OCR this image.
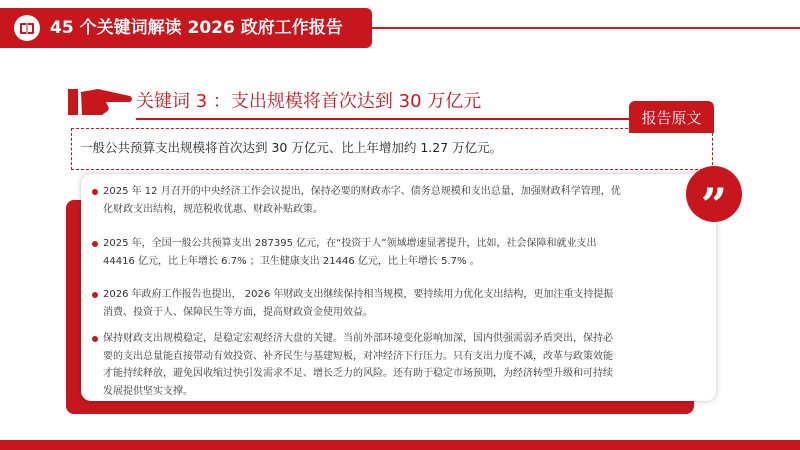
45 个关键词解读 2026 政府工作报告
关键词 3 ：支出规模将首次达到 30 万亿元
报告原文
一般公共预算支出规模将首次达到 30 万亿元、比上年增加约 1.27 万亿元。
”
2025 年 12 月召开的中央经济工作会议提出，保持必要的财政赤字、债务总规模和支出总量，加强财政科学管理，优
化财政支出结构，规范税收优惠、财政补贴政策。
2025 年，全国一般公共预算支出 287395 亿元，在“投资于人”领域增速显著提升，比如，社会保障和就业支出
44416 亿元，比上年增长 6.7% ；卫生健康支出 21446 亿元，比上年增长 5.7% 。
2026 年政府工作报告也提出， 2026 年财政支出继续保持相当规模，要持续用力优化支出结构，更加注重支持提振
消费、投资于人、保障民生等方面，提高财政资金使用效益。
保持财政支出规模稳定，是稳定宏观经济大盘的关键。当前外部环境变化影响加深，国内供强需弱矛盾突出，保持必
要的支出总量能直接带动有效投资、补齐民生与基建短板，对冲经济下行压力。只有支出力度不减，改革与政策效能
才能持续释放，避免因收缩过快引发需求不足、增长乏力的风险。还有助于稳定市场预期，为经济转型升级和可持续
发展提供坚实支撑。
